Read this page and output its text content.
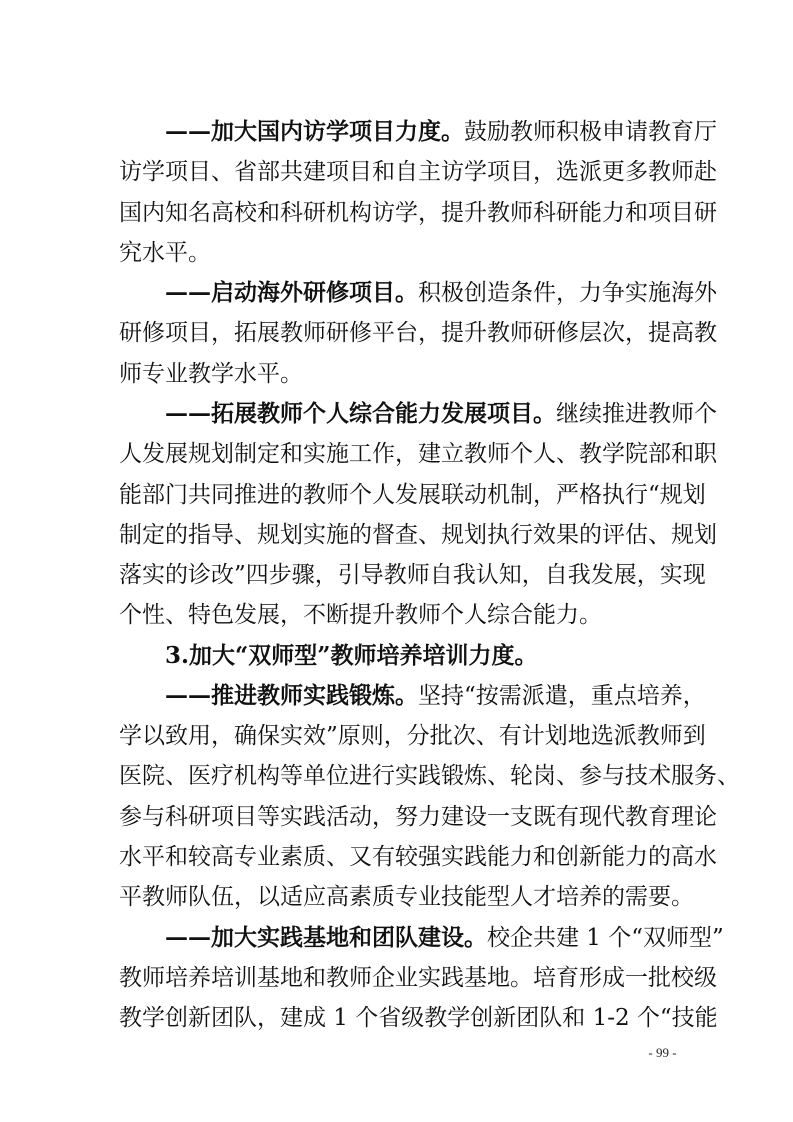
——加大国内访学项目力度。鼓励教师积极申请教育厅
访学项目、省部共建项目和自主访学项目，选派更多教师赴
国内知名高校和科研机构访学，提升教师科研能力和项目研
究水平。
——启动海外研修项目。积极创造条件，力争实施海外
研修项目，拓展教师研修平台，提升教师研修层次，提高教
师专业教学水平。
——拓展教师个人综合能力发展项目。继续推进教师个
人发展规划制定和实施工作，建立教师个人、教学院部和职
能部门共同推进的教师个人发展联动机制，严格执行“规划
制定的指导、规划实施的督查、规划执行效果的评估、规划
落实的诊改”四步骤，引导教师自我认知，自我发展，实现
个性、特色发展，不断提升教师个人综合能力。
3.加大“双师型”教师培养培训力度。
——推进教师实践锻炼。坚持“按需派遣，重点培养，
学以致用，确保实效”原则，分批次、有计划地选派教师到
医院、医疗机构等单位进行实践锻炼、轮岗、参与技术服务、
参与科研项目等实践活动，努力建设一支既有现代教育理论
水平和较高专业素质、又有较强实践能力和创新能力的高水
平教师队伍，以适应高素质专业技能型人才培养的需要。
——加大实践基地和团队建设。校企共建 1 个“双师型”
教师培养培训基地和教师企业实践基地。培育形成一批校级
教学创新团队，建成 1 个省级教学创新团队和 1-2 个“技能
- 99 -
